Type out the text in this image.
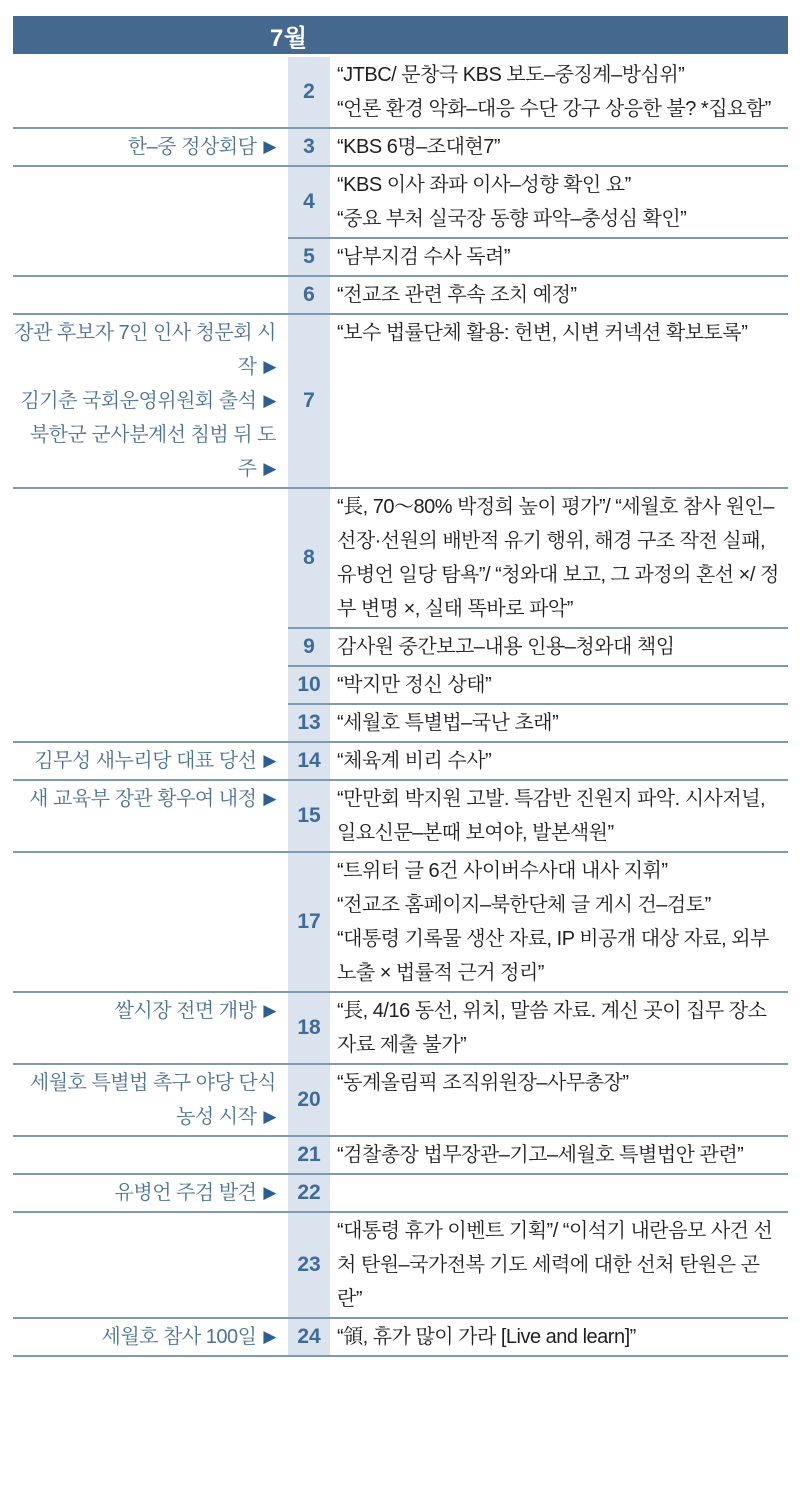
7월
2
“JTBC/ 문창극 KBS 보도–중징계–방심위”
“언론 환경 악화–대응 수단 강구 상응한 불? *집요함”
한–중 정상회담 ▶ 3 “KBS 6명–조대현7”
4
“KBS 이사 좌파 이사–성향 확인 요”
“중요 부처 실국장 동향 파악–충성심 확인”
5 “남부지검 수사 독려”
6 “전교조 관련 후속 조치 예정”
장관 후보자 7인 인사 청문회 시작 ▶
김기춘 국회운영위원회 출석 ▶
북한군 군사분계선 침범 뒤 도주 ▶
7
“보수 법률단체 활용: 헌변, 시변 커넥션 확보토록”
8
“長, 70～80% 박정희 높이 평가”/ “세월호 참사 원인– 선장·선원의 배반적 유기 행위, 해경 구조 작전 실패, 유병언 일당 탐욕”/ “청와대 보고, 그 과정의 혼선 ×/ 정부 변명 ×, 실태 똑바로 파악”
9 감사원 중간보고–내용 인용–청와대 책임
10 “박지만 정신 상태”
13 “세월호 특별법–국난 초래”
김무성 새누리당 대표 당선 ▶ 14 “체육계 비리 수사”
새 교육부 장관 황우여 내정 ▶
15
“만만회 박지원 고발. 특감반 진원지 파악. 시사저널, 일요신문–본때 보여야, 발본색원”
17
“트위터 글 6건 사이버수사대 내사 지휘”
“전교조 홈페이지–북한단체 글 게시 건–검토”
“대통령 기록물 생산 자료, IP 비공개 대상 자료, 외부 노출 × 법률적 근거 정리”
쌀시장 전면 개방 ▶
18
“長, 4/16 동선, 위치, 말씀 자료. 계신 곳이 집무 장소 자료 제출 불가”
세월호 특별법 촉구 야당 단식농성 시작 ▶
20
“동계올림픽 조직위원장–사무총장”
21 “검찰총장 법무장관–기고–세월호 특별법안 관련”
유병언 주검 발견 ▶ 22
23
“대통령 휴가 이벤트 기획”/ “이석기 내란음모 사건 선처 탄원–국가전복 기도 세력에 대한 선처 탄원은 곤란”
세월호 참사 100일 ▶ 24 “領, 휴가 많이 가라 [Live and learn]”
